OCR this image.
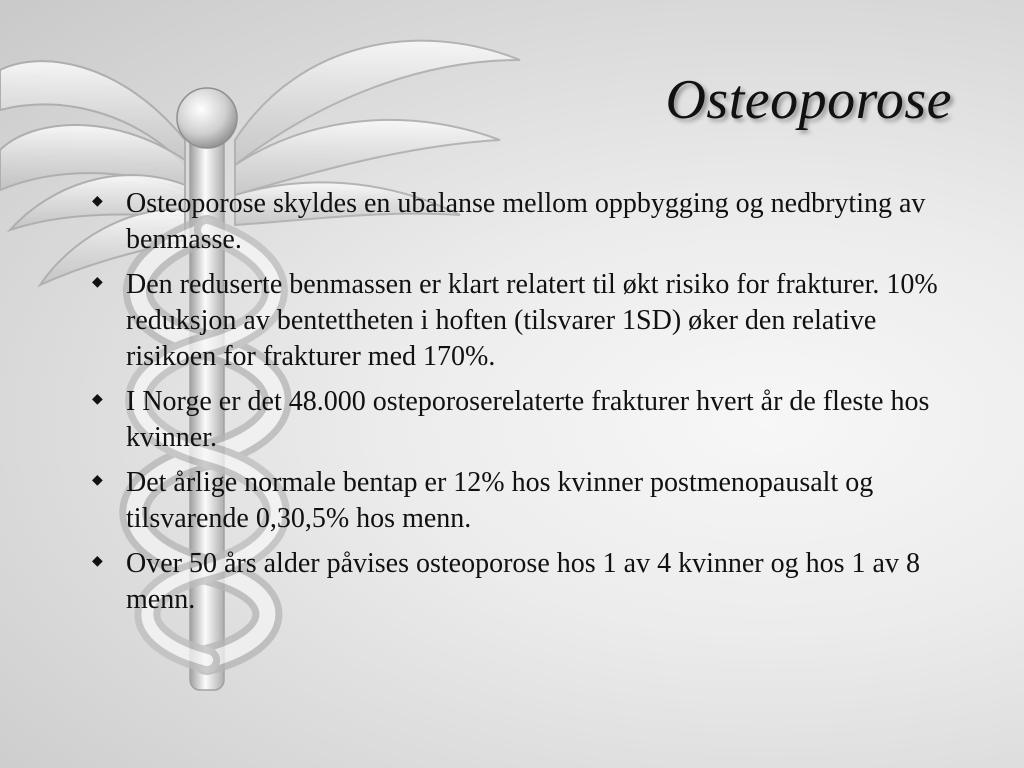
Osteoporose
◆ Osteoporose skyldes en ubalanse mellom oppbygging og nedbryting av benmasse.
◆ Den reduserte benmassen er klart relatert til økt risiko for frakturer. 10% reduksjon av bentettheten i hoften (tilsvarer 1SD) øker den relative risikoen for frakturer med 170%.
◆ I Norge er det 48.000 osteporoserelaterte frakturer hvert år de fleste hos kvinner.
◆ Det årlige normale bentap er 12% hos kvinner postmenopausalt og tilsvarende 0,30,5% hos menn.
◆ Over 50 års alder påvises osteoporose hos 1 av 4 kvinner og hos 1 av 8 menn.
